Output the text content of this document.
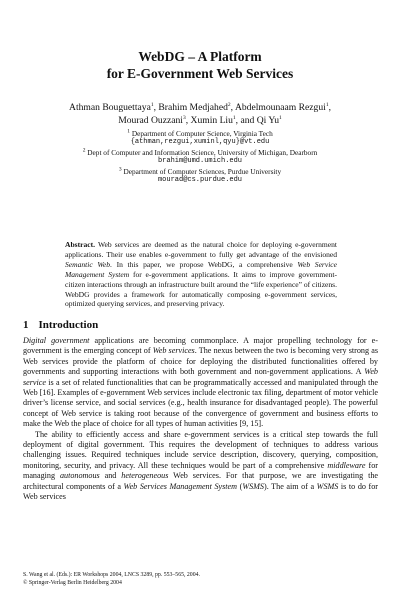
WebDG – A Platform
for E-Government Web Services
Athman Bouguettaya$^1$, Brahim Medjahed$^2$, Abdelmounaam Rezgui$^1$,
Mourad Ouzzani$^3$, Xumin Liu$^1$, and Qi Yu$^1$
$^1$ Department of Computer Science, Virginia Tech
{athman,rezgui,xuminl,qyu}@vt.edu
$^2$ Dept of Computer and Information Science, University of Michigan, Dearborn
brahim@umd.umich.edu
$^3$ Department of Computer Sciences, Purdue University
mourad@cs.purdue.edu
Abstract. Web services are deemed as the natural choice for deploying e-government applications. Their use enables e-government to fully get advantage of the envisioned Semantic Web. In this paper, we propose WebDG, a comprehensive Web Service Management System for e-government applications. It aims to improve government-citizen interactions through an infrastructure built around the “life experience” of citizens. WebDG provides a framework for automatically composing e-government services, optimized querying services, and preserving privacy.
1 Introduction

Digital government applications are becoming commonplace. A major propelling technology for e-government is the emerging concept of Web services. The nexus between the two is becoming very strong as Web services provide the platform of choice for deploying the distributed functionalities offered by governments and supporting interactions with both government and non-government applications. A Web service is a set of related functionalities that can be programmatically accessed and manipulated through the Web [16]. Examples of e-government Web services include electronic tax filing, department of motor vehicle driver’s license service, and social services (e.g., health insurance for disadvantaged people). The powerful concept of Web service is taking root because of the convergence of government and business efforts to make the Web the place of choice for all types of human activities [9, 15].

The ability to efficiently access and share e-government services is a critical step towards the full deployment of digital government. This requires the development of techniques to address various challenging issues. Required techniques include service description, discovery, querying, composition, monitoring, security, and privacy. All these techniques would be part of a comprehensive middleware for managing autonomous and heterogeneous Web services. For that purpose, we are investigating the architectural components of a Web Services Management System (WSMS). The aim of a WSMS is to do for Web services

S. Wang et al. (Eds.): ER Workshops 2004, LNCS 3289, pp. 553–565, 2004.
© Springer-Verlag Berlin Heidelberg 2004
